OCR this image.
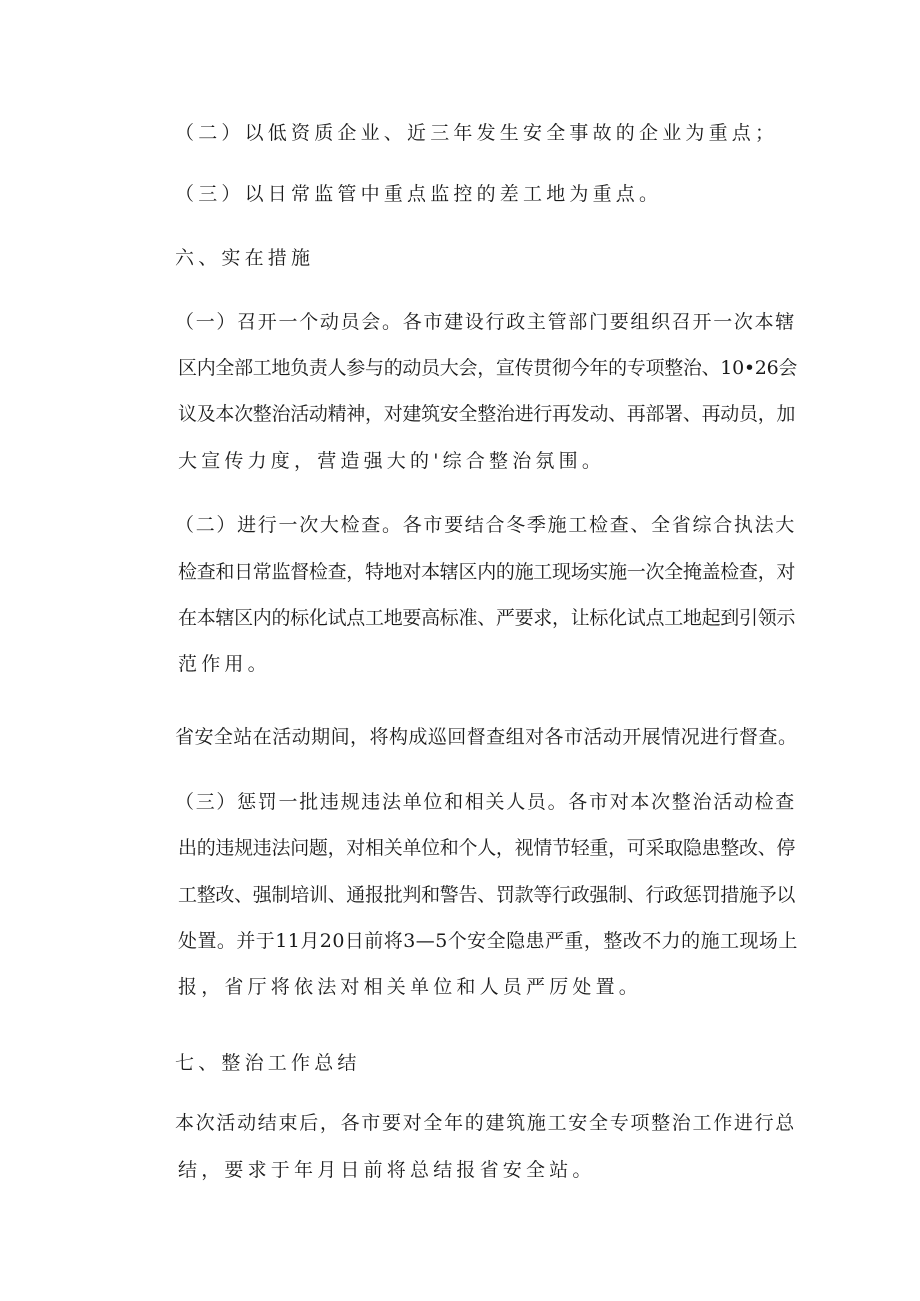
（二）以低资质企业、近三年发生安全事故的企业为重点；
（三）以日常监管中重点监控的差工地为重点。
六、实在措施
（一）召开一个动员会。各市建设行政主管部门要组织召开一次本辖
区内全部工地负责人参与的动员大会，宣传贯彻今年的专项整治、10•26会
议及本次整治活动精神，对建筑安全整治进行再发动、再部署、再动员，加
大宣传力度，营造强大的'综合整治氛围。
（二）进行一次大检查。各市要结合冬季施工检查、全省综合执法大
检查和日常监督检查，特地对本辖区内的施工现场实施一次全掩盖检查，对
在本辖区内的标化试点工地要高标准、严要求，让标化试点工地起到引领示
范作用。
省安全站在活动期间，将构成巡回督查组对各市活动开展情况进行督查。
（三）惩罚一批违规违法单位和相关人员。各市对本次整治活动检查
出的违规违法问题，对相关单位和个人，视情节轻重，可采取隐患整改、停
工整改、强制培训、通报批判和警告、罚款等行政强制、行政惩罚措施予以
处置。并于11月20日前将3—5个安全隐患严重，整改不力的施工现场上
报，省厅将依法对相关单位和人员严厉处置。
七、整治工作总结
本次活动结束后，各市要对全年的建筑施工安全专项整治工作进行总
结，要求于年月日前将总结报省安全站。
